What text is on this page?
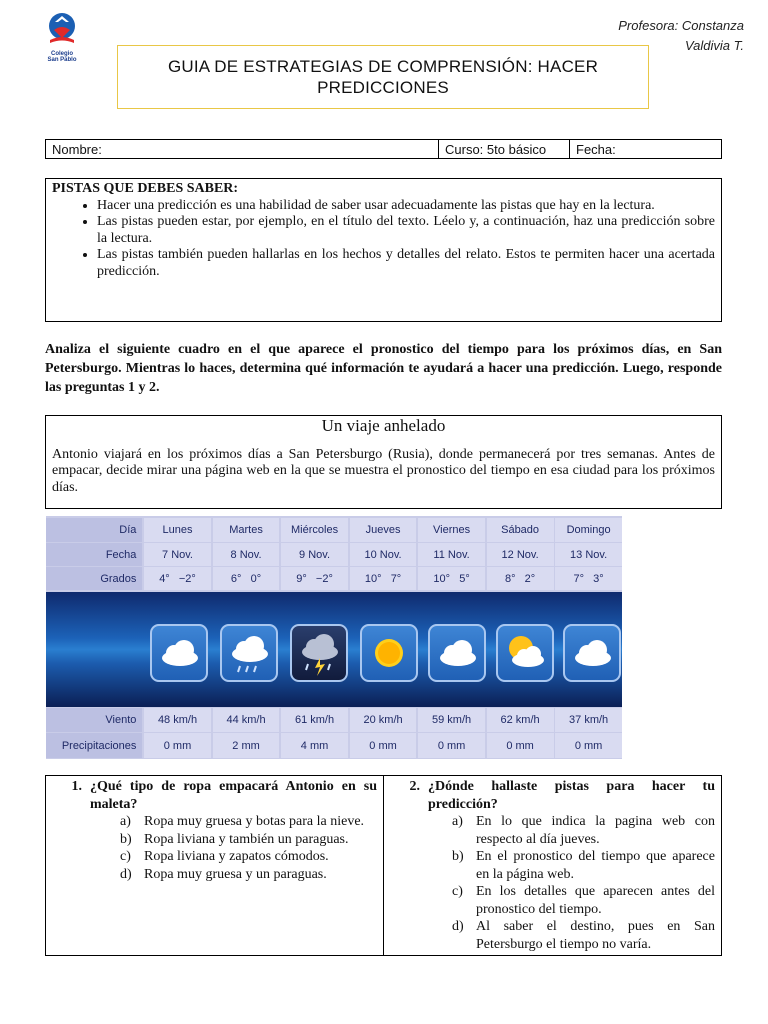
Colegio
San Pablo
Profesora: Constanza
Valdivia T.
GUIA DE ESTRATEGIAS DE COMPRENSIÓN: HACER
PREDICCIONES
Nombre:	Curso: 5to básico	Fecha:
PISTAS QUE DEBES SABER:
• Hacer una predicción es una habilidad de saber usar adecuadamente las pistas que hay en la lectura.
• Las pistas pueden estar, por ejemplo, en el título del texto. Léelo y, a continuación, haz una predicción sobre la lectura.
• Las pistas también pueden hallarlas en los hechos y detalles del relato. Estos te permiten hacer una acertada predicción.
Analiza el siguiente cuadro en el que aparece el pronostico del tiempo para los próximos días, en San Petersburgo. Mientras lo haces, determina qué información te ayudará a hacer una predicción. Luego, responde las preguntas 1 y 2.
Un viaje anhelado

Antonio viajará en los próximos días a San Petersburgo (Rusia), donde permanecerá por tres semanas. Antes de empacar, decide mirar una página web en la que se muestra el pronostico del tiempo en esa ciudad para los próximos días.

Día	Lunes	Martes	Miércoles	Jueves	Viernes	Sábado	Domingo
Fecha	7 Nov.	8 Nov.	9 Nov.	10 Nov.	11 Nov.	12 Nov.	13 Nov.
Grados	4°   −2°	6°   0°	9°   −2°	10°   7°	10°   5°	8°   2°	7°   3°
Viento	48 km/h	44 km/h	61 km/h	20 km/h	59 km/h	62 km/h	37 km/h
Precipitaciones	0 mm	2 mm	4 mm	0 mm	0 mm	0 mm	0 mm
1. ¿Qué tipo de ropa empacará Antonio en su maleta?
a) Ropa muy gruesa y botas para la nieve.
b) Ropa liviana y también un paraguas.
c) Ropa liviana y zapatos cómodos.
d) Ropa muy gruesa y un paraguas.
2. ¿Dónde hallaste pistas para hacer tu predicción?
a) En lo que indica la pagina web con respecto al día jueves.
b) En el pronostico del tiempo que aparece en la página web.
c) En los detalles que aparecen antes del pronostico del tiempo.
d) Al saber el destino, pues en San Petersburgo el tiempo no varía.
